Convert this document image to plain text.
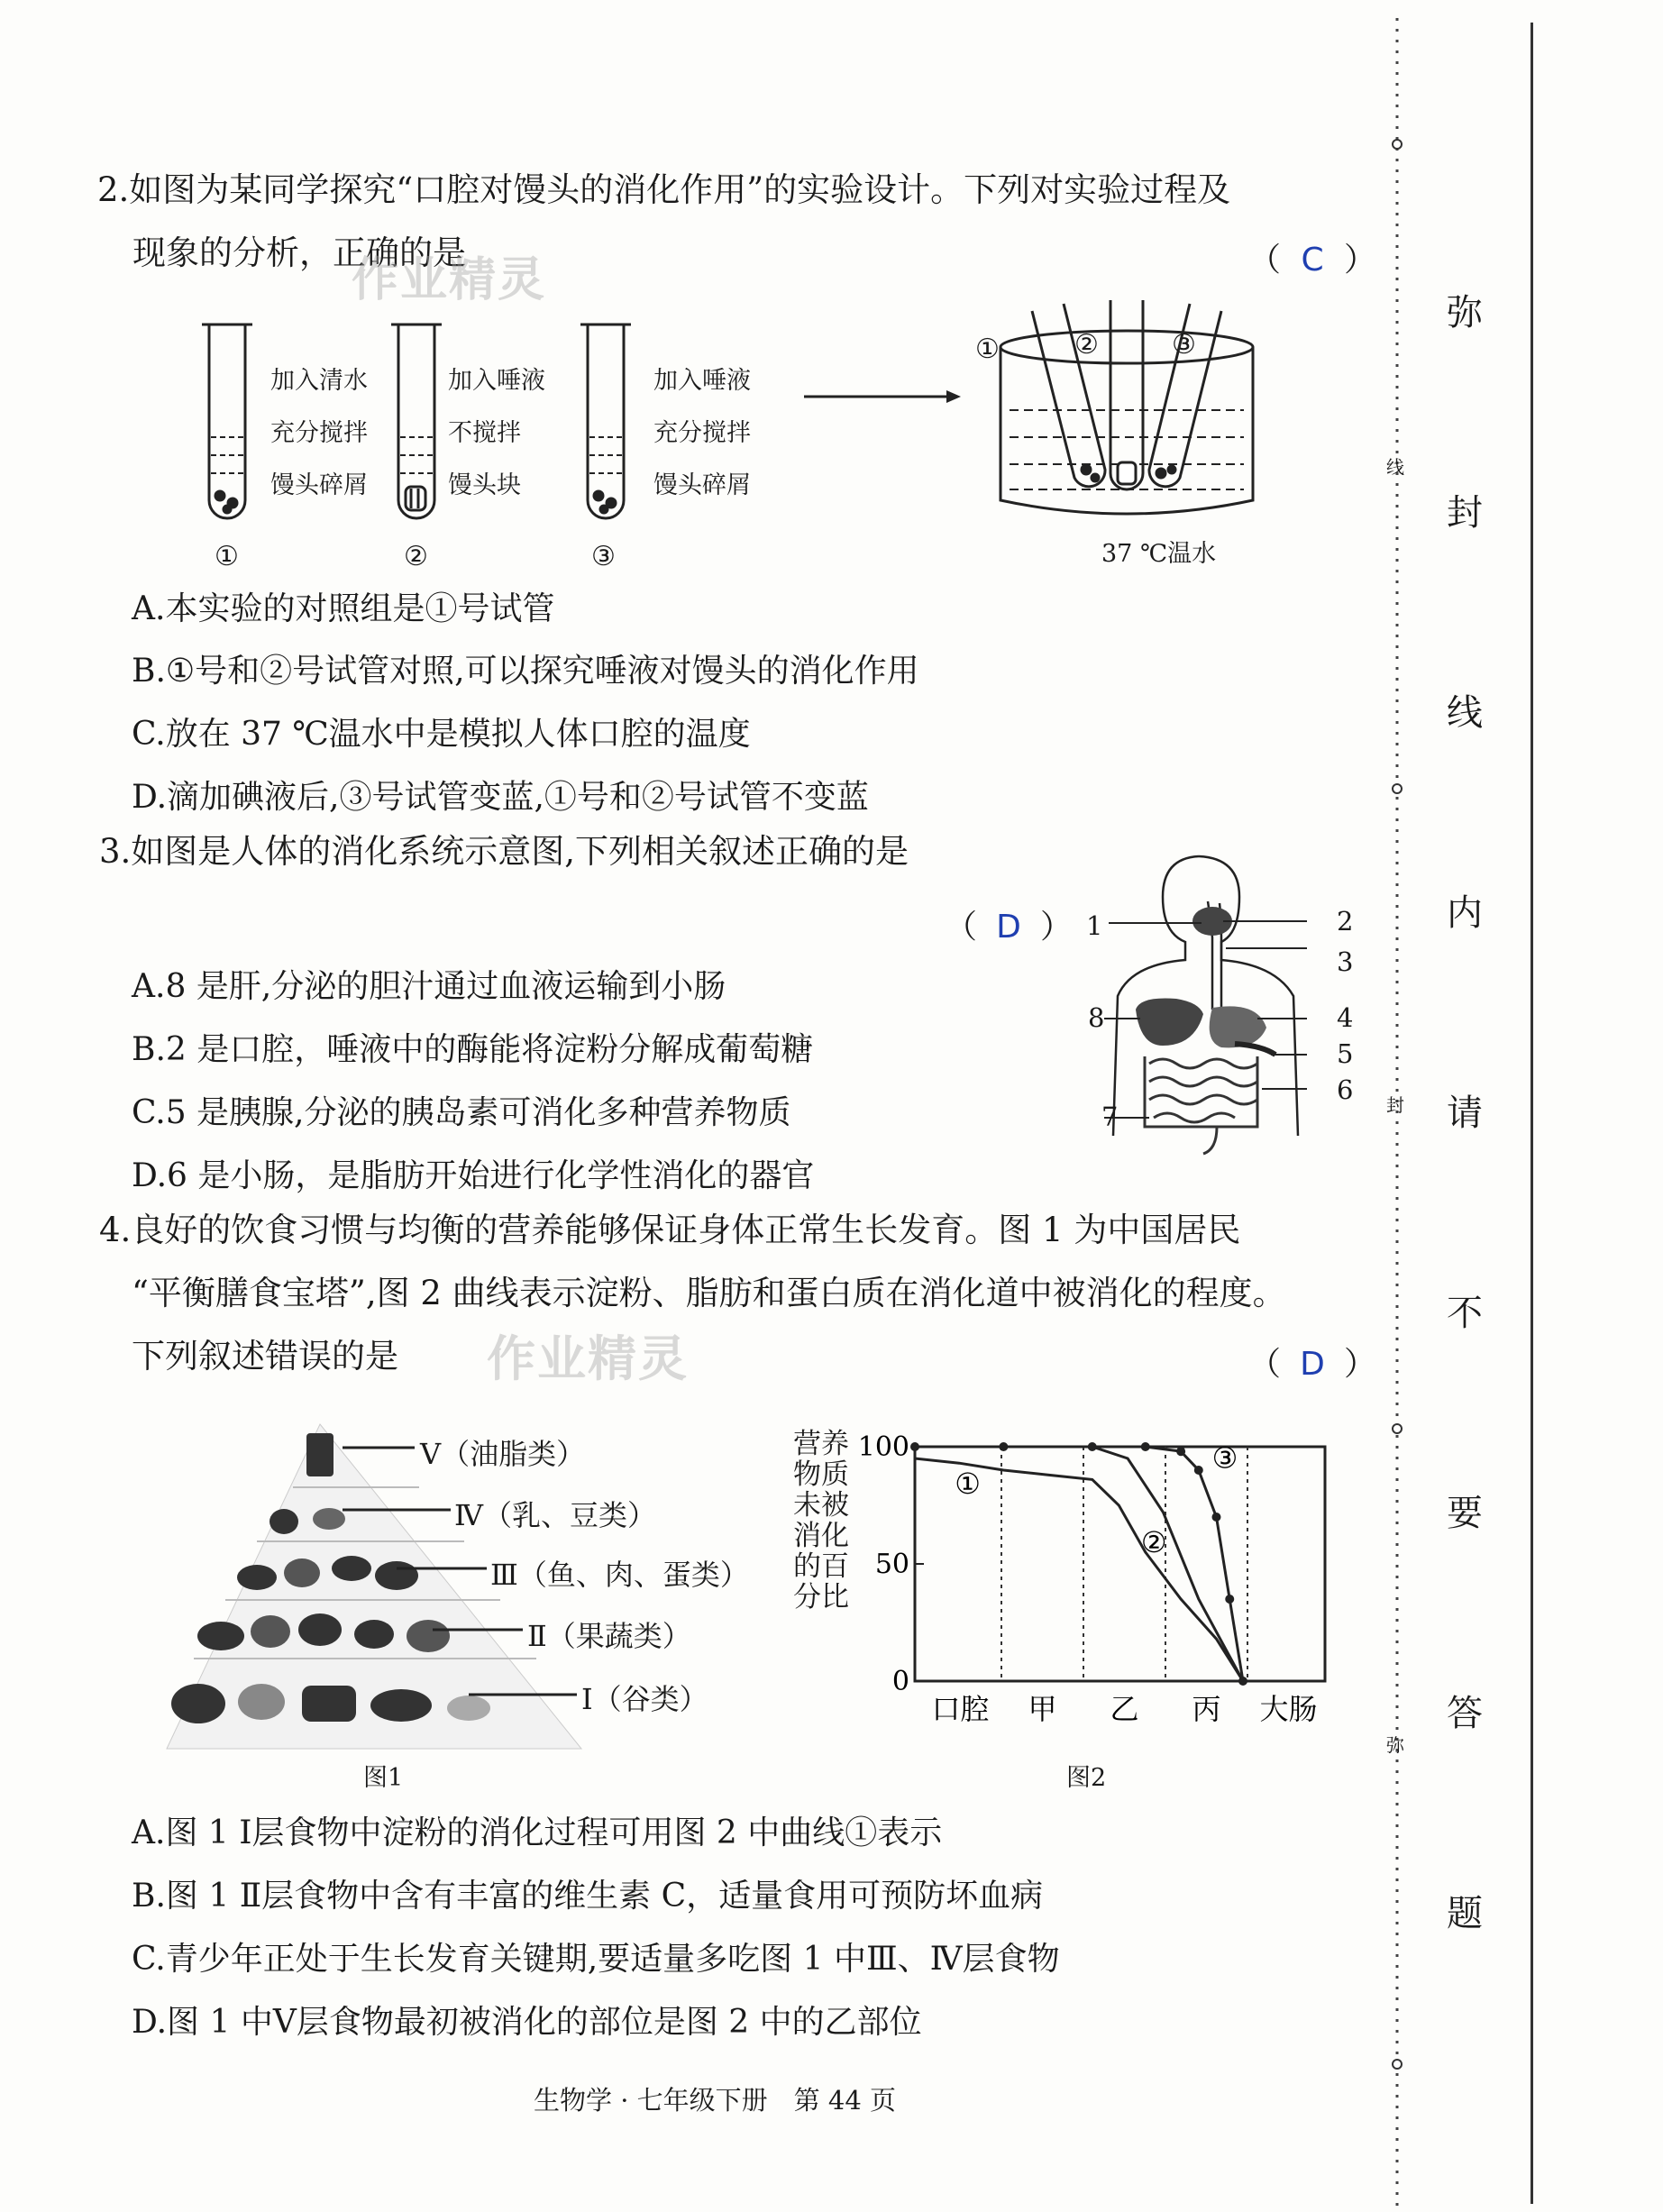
2.如图为某同学探究“口腔对馒头的消化作用”的实验设计。下列对实验过程及
现象的分析，正确的是	（ C ）
作业精灵
加入清水
充分搅拌
馒头碎屑
加入唾液
不搅拌
馒头块
加入唾液
充分搅拌
馒头碎屑
①	②	③
①	②	③
37 ℃温水
A.本实验的对照组是①号试管
B.①号和②号试管对照,可以探究唾液对馒头的消化作用
C.放在 37 ℃温水中是模拟人体口腔的温度
D.滴加碘液后,③号试管变蓝,①号和②号试管不变蓝
3.如图是人体的消化系统示意图,下列相关叙述正确的是
（ D ）
A.8 是肝,分泌的胆汁通过血液运输到小肠
B.2 是口腔，唾液中的酶能将淀粉分解成葡萄糖
C.5 是胰腺,分泌的胰岛素可消化多种营养物质
D.6 是小肠，是脂肪开始进行化学性消化的器官
1	2
3
4
5
6
7
8
4.良好的饮食习惯与均衡的营养能够保证身体正常生长发育。图 1 为中国居民
“平衡膳食宝塔”,图 2 曲线表示淀粉、脂肪和蛋白质在消化道中被消化的程度。
下列叙述错误的是	（ D ）
作业精灵
Ⅴ（油脂类）
Ⅳ（乳、豆类）
Ⅲ（鱼、肉、蛋类）
Ⅱ（果蔬类）
Ⅰ（谷类）
图1
营养
物质
未被
消化
的百
分比
100
50
0
口腔 甲 乙 丙 大肠
①
②
③
图2
A.图 1 Ⅰ层食物中淀粉的消化过程可用图 2 中曲线①表示
B.图 1 Ⅱ层食物中含有丰富的维生素 C，适量食用可预防坏血病
C.青少年正处于生长发育关键期,要适量多吃图 1 中Ⅲ、Ⅳ层食物
D.图 1 中Ⅴ层食物最初被消化的部位是图 2 中的乙部位
生物学 · 七年级下册　第 44 页
线
封
弥
弥
封
线
内
请
不
要
答
题
